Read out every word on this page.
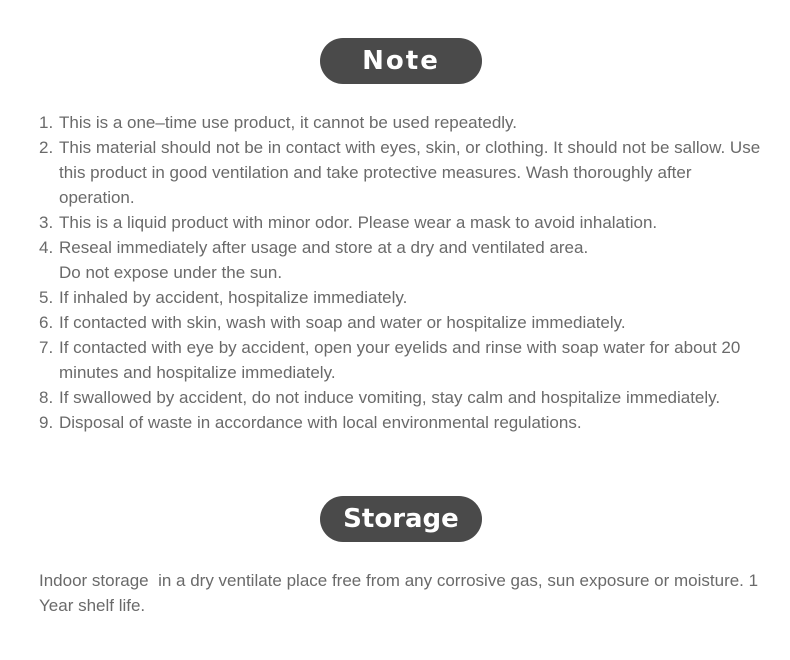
Note
1. This is a one–time use product, it cannot be used repeatedly.
2. This material should not be in contact with eyes, skin, or clothing. It should not be sallow. Use this product in good ventilation and take protective measures. Wash thoroughly after operation.
3. This is a liquid product with minor odor. Please wear a mask to avoid inhalation.
4. Reseal immediately after usage and store at a dry and ventilated area.
Do not expose under the sun.
5. If inhaled by accident, hospitalize immediately.
6. If contacted with skin, wash with soap and water or hospitalize immediately.
7. If contacted with eye by accident, open your eyelids and rinse with soap water for about 20 minutes and hospitalize immediately.
8. If swallowed by accident, do not induce vomiting, stay calm and hospitalize immediately.
9. Disposal of waste in accordance with local environmental regulations.
Storage

Indoor storage  in a dry ventilate place free from any corrosive gas, sun exposure or moisture. 1 Year shelf life.
